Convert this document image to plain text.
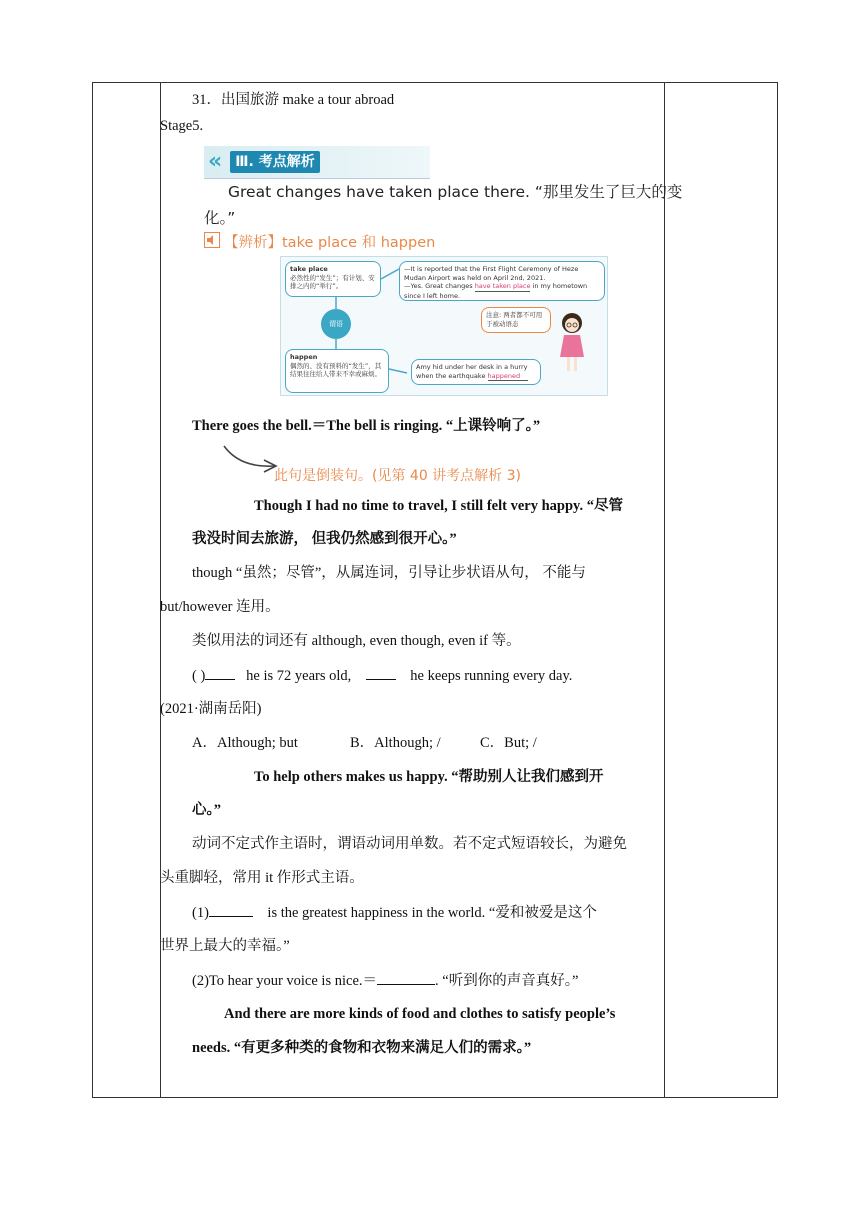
31．出国旅游 make a tour abroad
Stage5.
« Ⅲ. 考点解析
Great changes have taken place there. “那里发生了巨大的变
化。”
【辨析】take place 和 happen
take place
必然性的“发生”；有计划、安排之内的“举行”。
happen
偶然的、没有预料的“发生”，其结果往往给人带来不幸或麻烦。
谓语
—It is reported that the First Flight Ceremony of Heze Mudan Airport was held on April 2nd, 2021.
—Yes. Great changes have taken place in my hometown since I left home.
注意: 两者都不可用于被动语态
Amy hid under her desk in a hurry when the earthquake happened
There goes the bell.＝The bell is ringing. “上课铃响了。”
此句是倒装句。(见第 40 讲考点解析 3)
Though I had no time to travel, I still felt very happy. “尽管
我没时间去旅游， 但我仍然感到很开心。”
though “虽然；尽管”，从属连词，引导让步状语从句， 不能与
but/however 连用。
类似用法的词还有 although, even though, even if 等。
( )	he is 72 years old,	he keeps running every day.
(2021·湖南岳阳)
A．Although; but	B．Although; /	C．But; /
To help others makes us happy. “帮助别人让我们感到开
心。”
动词不定式作主语时，谓语动词用单数。若不定式短语较长，为避免
头重脚轻，常用 it 作形式主语。
(1)	is the greatest happiness in the world. “爱和被爱是这个
世界上最大的幸福。”
(2)To hear your voice is nice.＝	. “听到你的声音真好。”
And there are more kinds of food and clothes to satisfy people’s
needs. “有更多种类的食物和衣物来满足人们的需求。”
